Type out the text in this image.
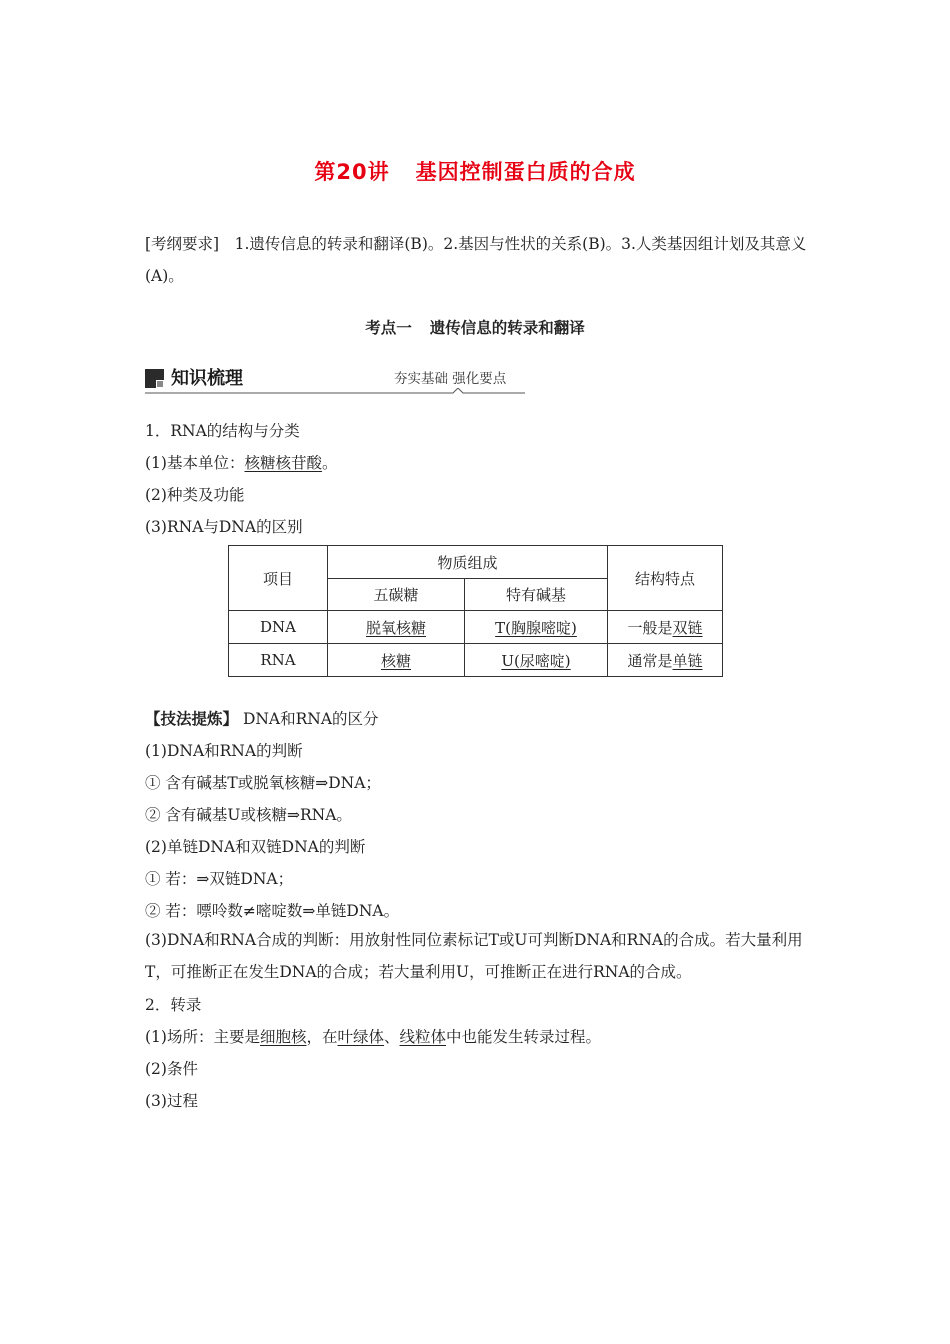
第20讲 基因控制蛋白质的合成
[考纲要求]　1.遗传信息的转录和翻译(B)。2.基因与性状的关系(B)。3.人类基因组计划及其意义(A)。
考点一 遗传信息的转录和翻译
知识梳理	夯实基础 强化要点
1．RNA的结构与分类
(1)基本单位：核糖核苷酸。
(2)种类及功能
(3)RNA与DNA的区别
项目	物质组成		结构特点
	五碳糖	特有碱基	
DNA	脱氧核糖	T(胸腺嘧啶)	一般是双链
RNA	核糖	U(尿嘧啶)	通常是单链
【技法提炼】 DNA和RNA的区分
(1)DNA和RNA的判断
① 含有碱基T或脱氧核糖⇒DNA；
② 含有碱基U或核糖⇒RNA。
(2)单链DNA和双链DNA的判断
① 若：⇒双链DNA；
② 若：嘌呤数≠嘧啶数⇒单链DNA。
(3)DNA和RNA合成的判断：用放射性同位素标记T或U可判断DNA和RNA的合成。若大量利用T，可推断正在发生DNA的合成；若大量利用U，可推断正在进行RNA的合成。
2．转录
(1)场所：主要是细胞核，在叶绿体、线粒体中也能发生转录过程。
(2)条件
(3)过程
